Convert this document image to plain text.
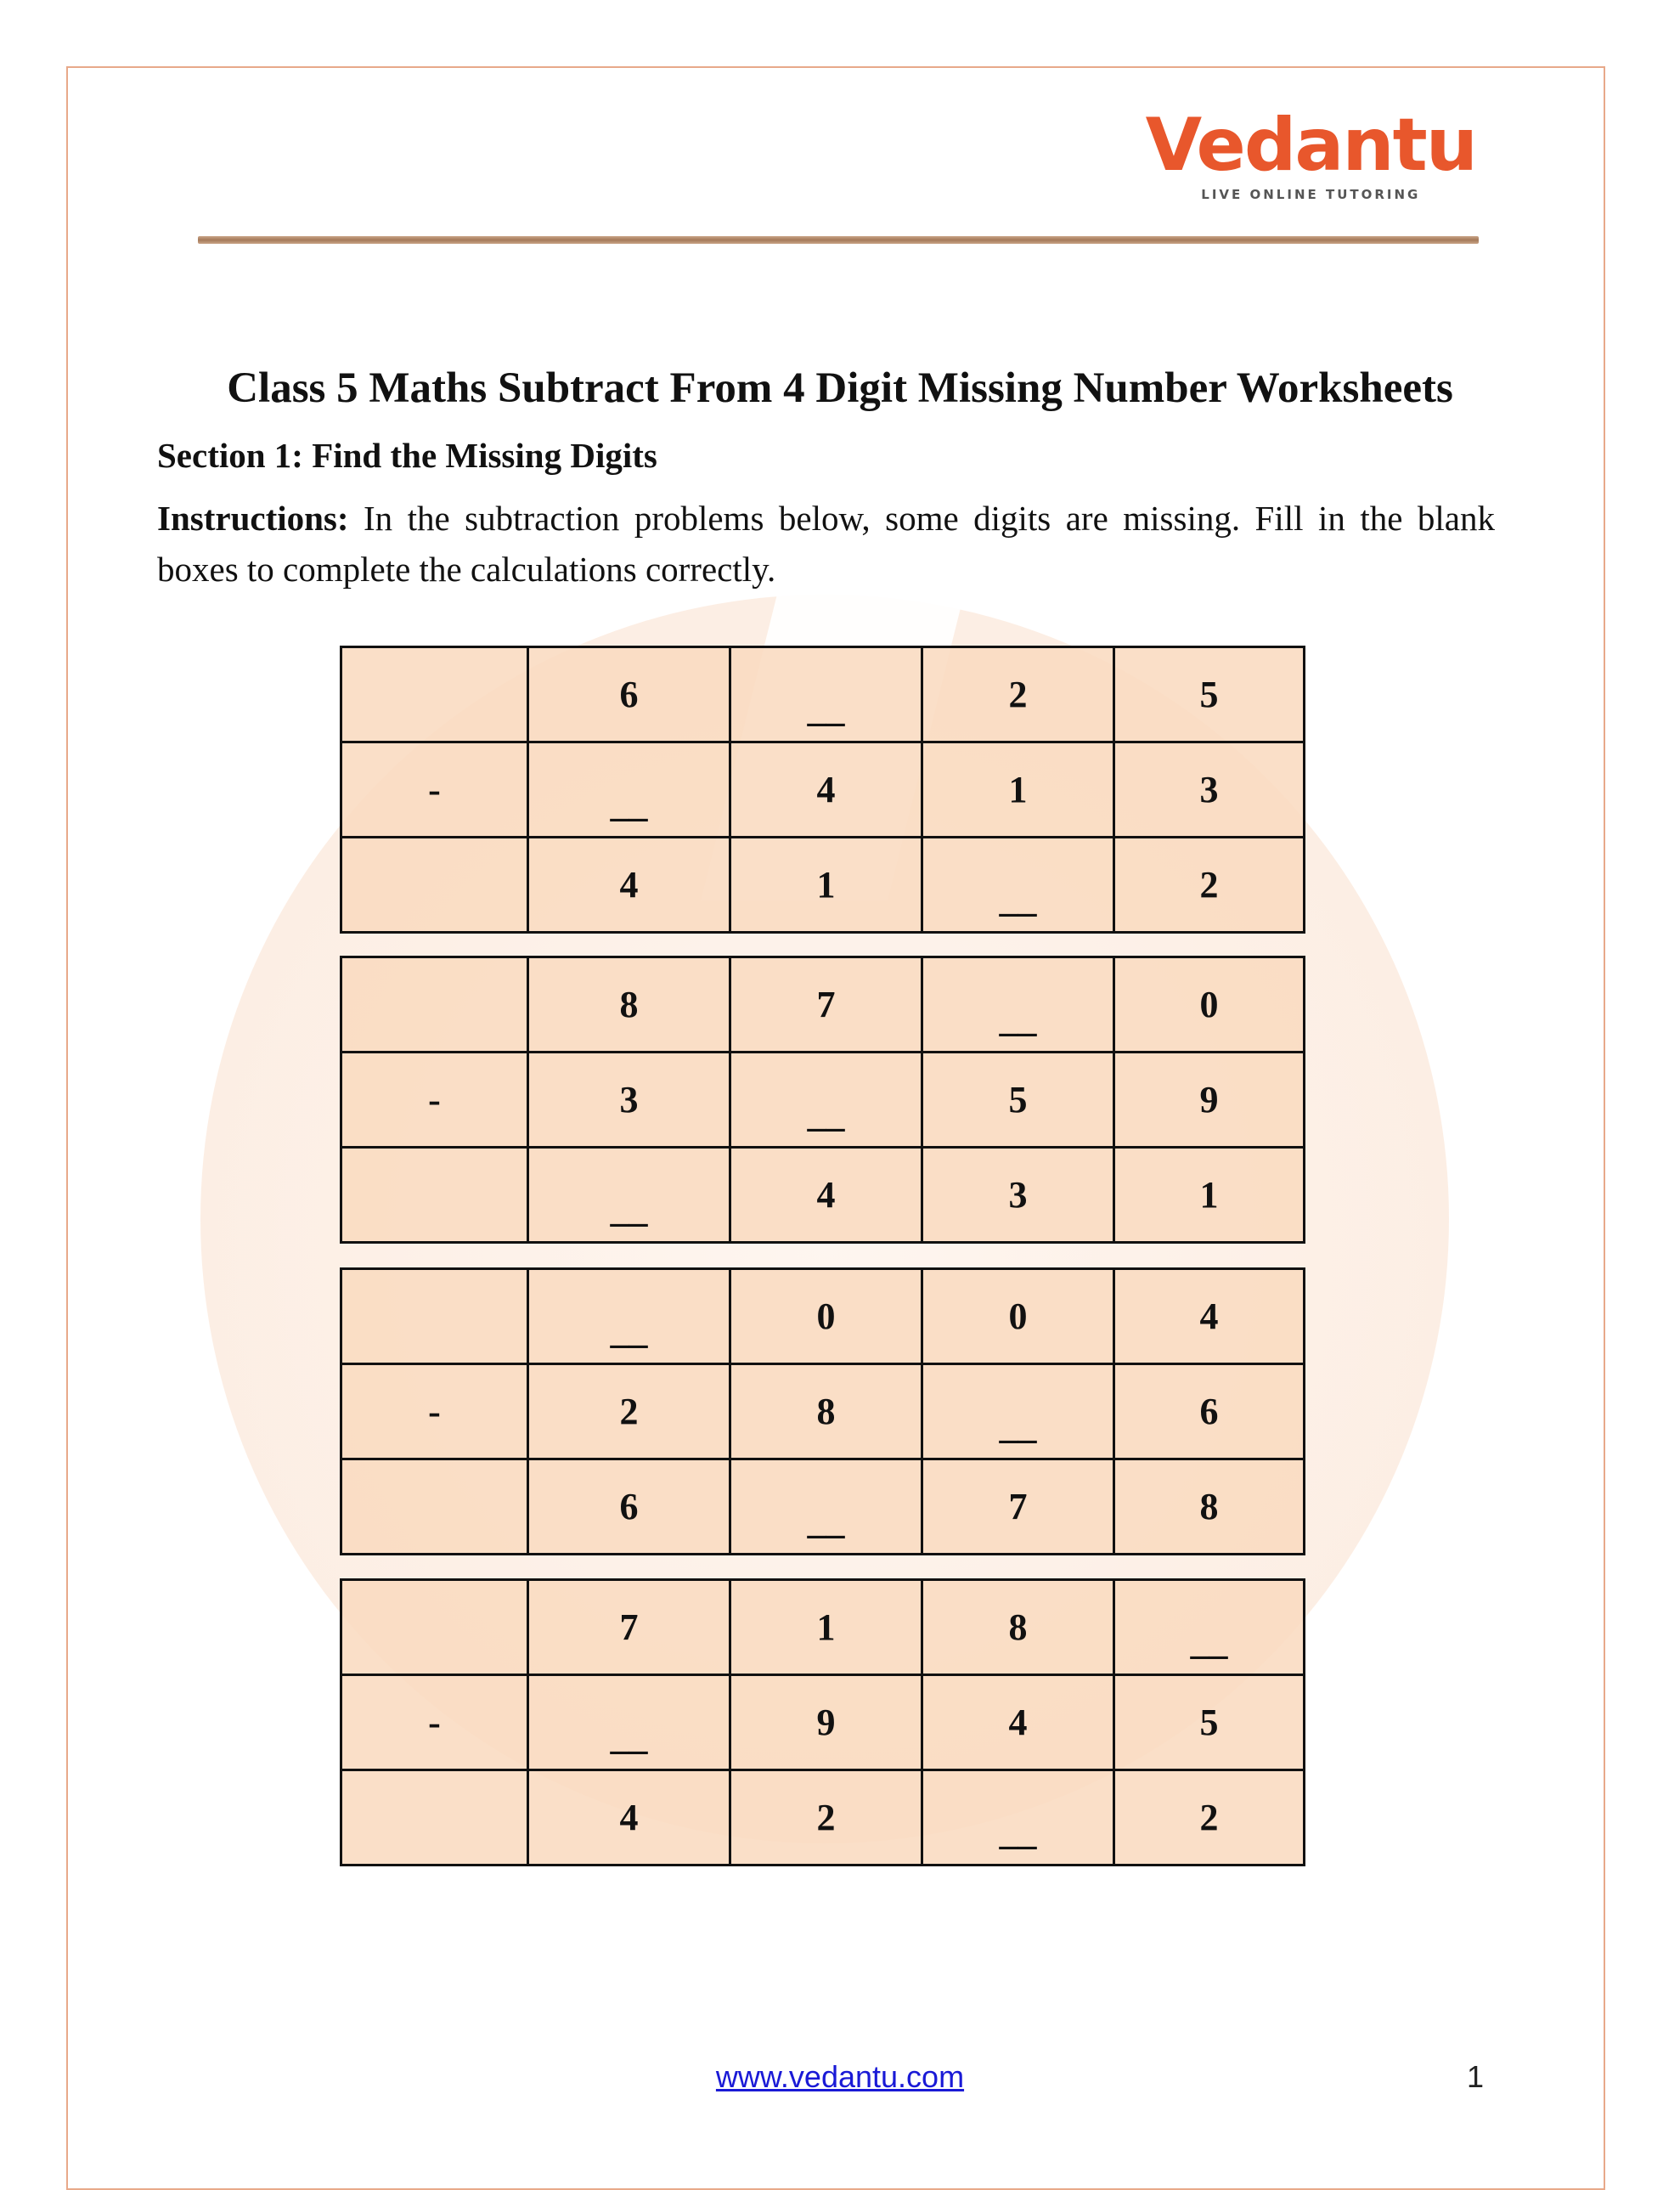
Vedantu
LIVE ONLINE TUTORING
Class 5 Maths Subtract From 4 Digit Missing Number Worksheets
Section 1: Find the Missing Digits
Instructions: In the subtraction problems below, some digits are missing. Fill in the blank boxes to complete the calculations correctly.
	6	__	2	5
-	__	4	1	3
	4	1	__	2
	8	7	__	0
-	3	__	5	9
	__	4	3	1
	__	0	0	4
-	2	8	__	6
	6	__	7	8
	7	1	8	__
-	__	9	4	5
	4	2	__	2
www.vedantu.com	1
